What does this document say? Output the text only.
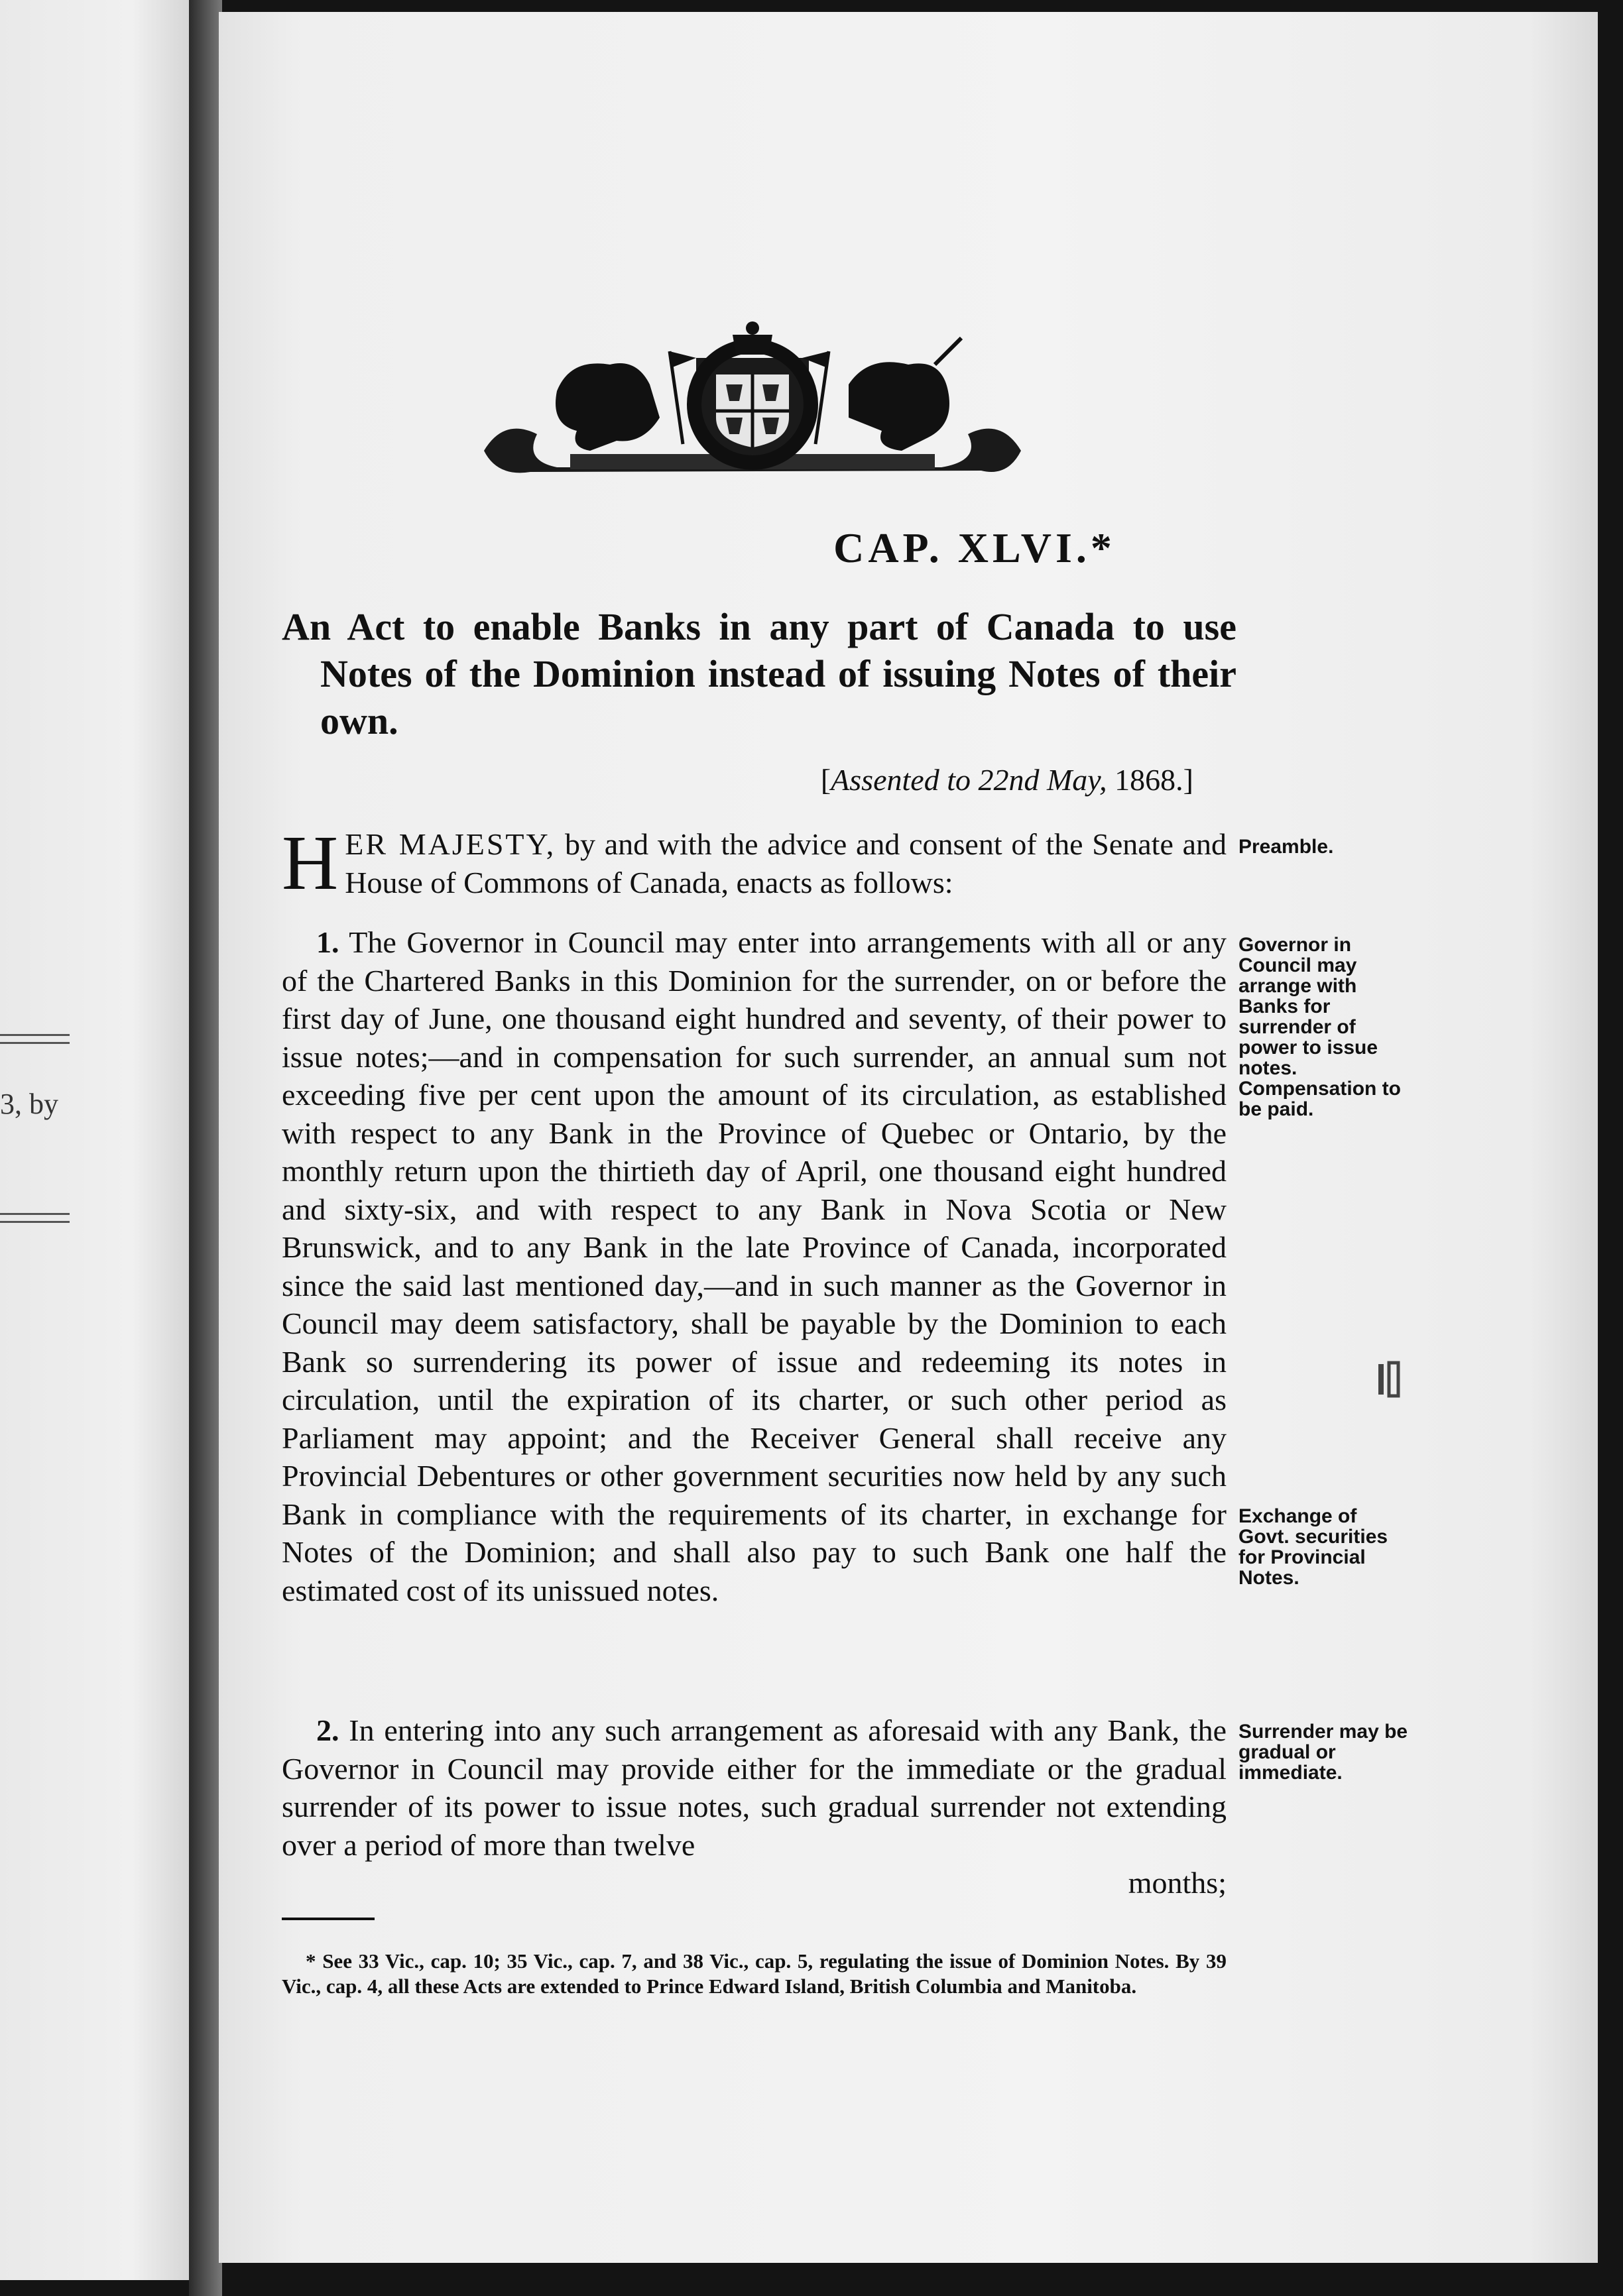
3, by
CAP. XLVI.*
An Act to enable Banks in any part of Canada to use Notes of the Dominion instead of issuing Notes of their own.
[Assented to 22nd May, 1868.]
HER MAJESTY, by and with the advice and consent of the Senate and House of Commons of Canada, enacts as follows:
1. The Governor in Council may enter into arrangements with all or any of the Chartered Banks in this Dominion for the surrender, on or before the first day of June, one thousand eight hundred and seventy, of their power to issue notes;—and in compensation for such surrender, an annual sum not exceeding five per cent upon the amount of its circulation, as established with respect to any Bank in the Province of Quebec or Ontario, by the monthly return upon the thirtieth day of April, one thousand eight hundred and sixty-six, and with respect to any Bank in Nova Scotia or New Brunswick, and to any Bank in the late Province of Canada, incorporated since the said last mentioned day,—and in such manner as the Governor in Council may deem satisfactory, shall be payable by the Dominion to each Bank so surrendering its power of issue and redeeming its notes in circulation, until the expiration of its charter, or such other period as Parliament may appoint; and the Receiver General shall receive any Provincial Debentures or other government securities now held by any such Bank in compliance with the requirements of its charter, in exchange for Notes of the Dominion; and shall also pay to such Bank one half the estimated cost of its unissued notes.
2. In entering into any such arrangement as aforesaid with any Bank, the Governor in Council may provide either for the immediate or the gradual surrender of its power to issue notes, such gradual surrender not extending over a period of more than twelve
months;
Preamble.
Governor in Council may arrange with Banks for surrender of power to issue notes. Compensation to be paid.
Exchange of Govt. securities for Provincial Notes.
Surrender may be gradual or immediate.
* See 33 Vic., cap. 10; 35 Vic., cap. 7, and 38 Vic., cap. 5, regulating the issue of Dominion Notes. By 39 Vic., cap. 4, all these Acts are extended to Prince Edward Island, British Columbia and Manitoba.
